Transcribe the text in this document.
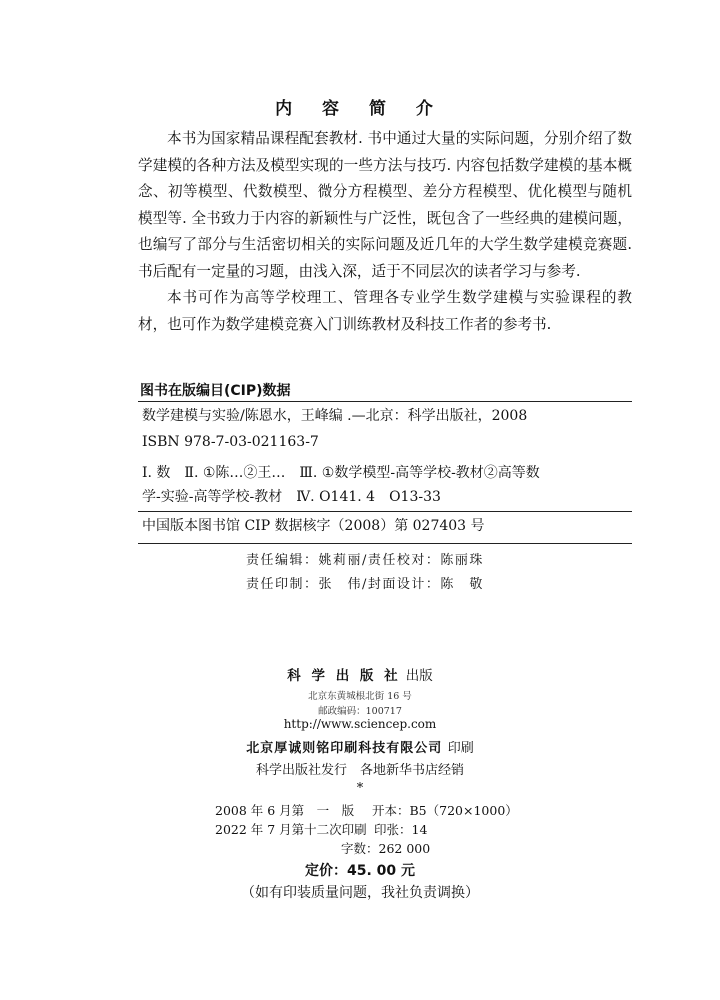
内 容 简 介

本书为国家精品课程配套教材. 书中通过大量的实际问题，分别介绍了数学建模的各种方法及模型实现的一些方法与技巧. 内容包括数学建模的基本概念、初等模型、代数模型、微分方程模型、差分方程模型、优化模型与随机模型等. 全书致力于内容的新颖性与广泛性，既包含了一些经典的建模问题，也编写了部分与生活密切相关的实际问题及近几年的大学生数学建模竞赛题. 书后配有一定量的习题，由浅入深，适于不同层次的读者学习与参考.

本书可作为高等学校理工、管理各专业学生数学建模与实验课程的教材，也可作为数学建模竞赛入门训练教材及科技工作者的参考书.

图书在版编目(CIP)数据
数学建模与实验/陈恩水，王峰编 .—北京：科学出版社，2008
ISBN 978-7-03-021163-7
Ⅰ. 数　Ⅱ. ①陈…②王…　Ⅲ. ①数学模型-高等学校-教材②高等数
学-实验-高等学校-教材　Ⅳ. O141. 4　O13-33
中国版本图书馆 CIP 数据核字（2008）第 027403 号
责任编辑：姚莉丽/责任校对：陈丽珠
责任印制：张　伟/封面设计：陈　敬
科 学 出 版 社 出版
北京东黄城根北街 16 号
邮政编码：100717
http://www.sciencep.com
北京厚诚则铭印刷科技有限公司 印刷
科学出版社发行　各地新华书店经销
*
2008 年 6 月第　一　版 开本：B5（720×1000）
2022 年 7 月第十二次印刷 印张：14
字数：262 000
定价：45. 00 元
（如有印装质量问题，我社负责调换）
